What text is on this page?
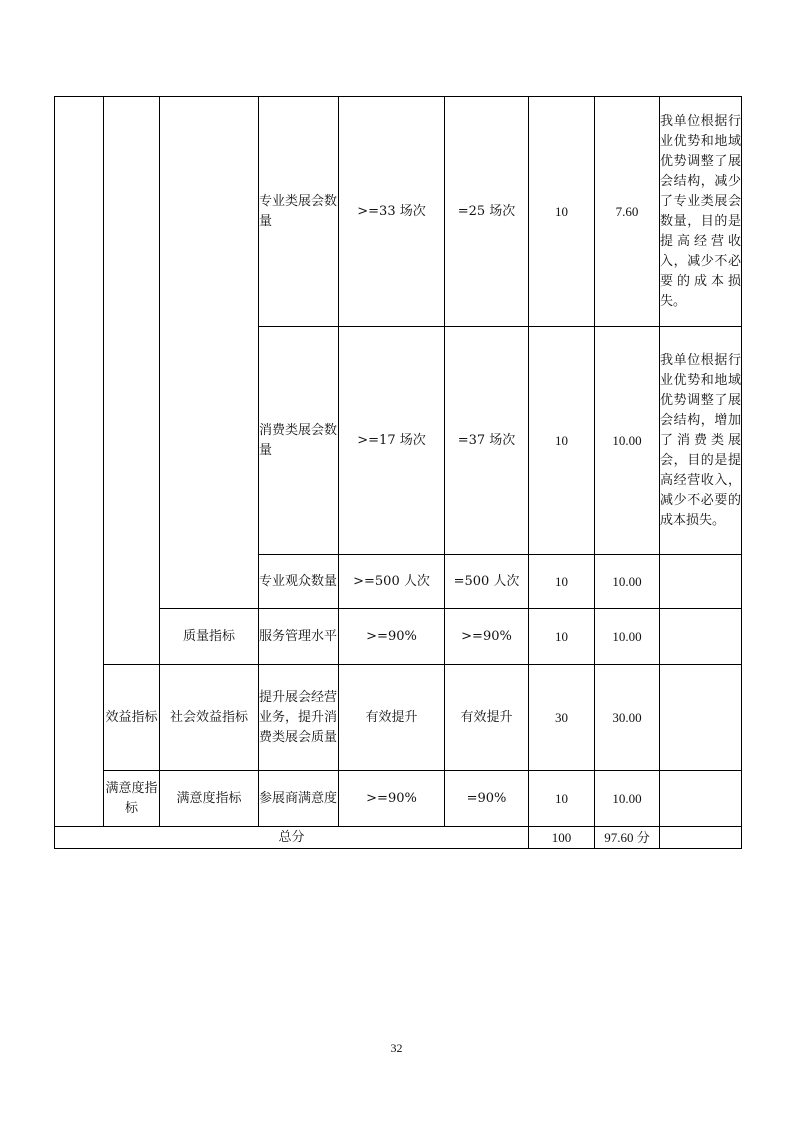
			专业类展会数量	>=33 场次	=25 场次	10	7.60	我单位根据行业优势和地域优势调整了展会结构，减少了专业类展会数量，目的是提高经营收入，减少不必要的成本损失。
			消费类展会数量	>=17 场次	=37 场次	10	10.00	我单位根据行业优势和地域优势调整了展会结构，增加了消费类展会，目的是提高经营收入，减少不必要的成本损失。
			专业观众数量	>=500 人次	=500 人次	10	10.00	
		质量指标	服务管理水平	>=90%	>=90%	10	10.00	
	效益指标	社会效益指标	提升展会经营业务，提升消费类展会质量	有效提升	有效提升	30	30.00	
	满意度指标	满意度指标	参展商满意度	>=90%	=90%	10	10.00	
总分						100	97.60 分	
32
